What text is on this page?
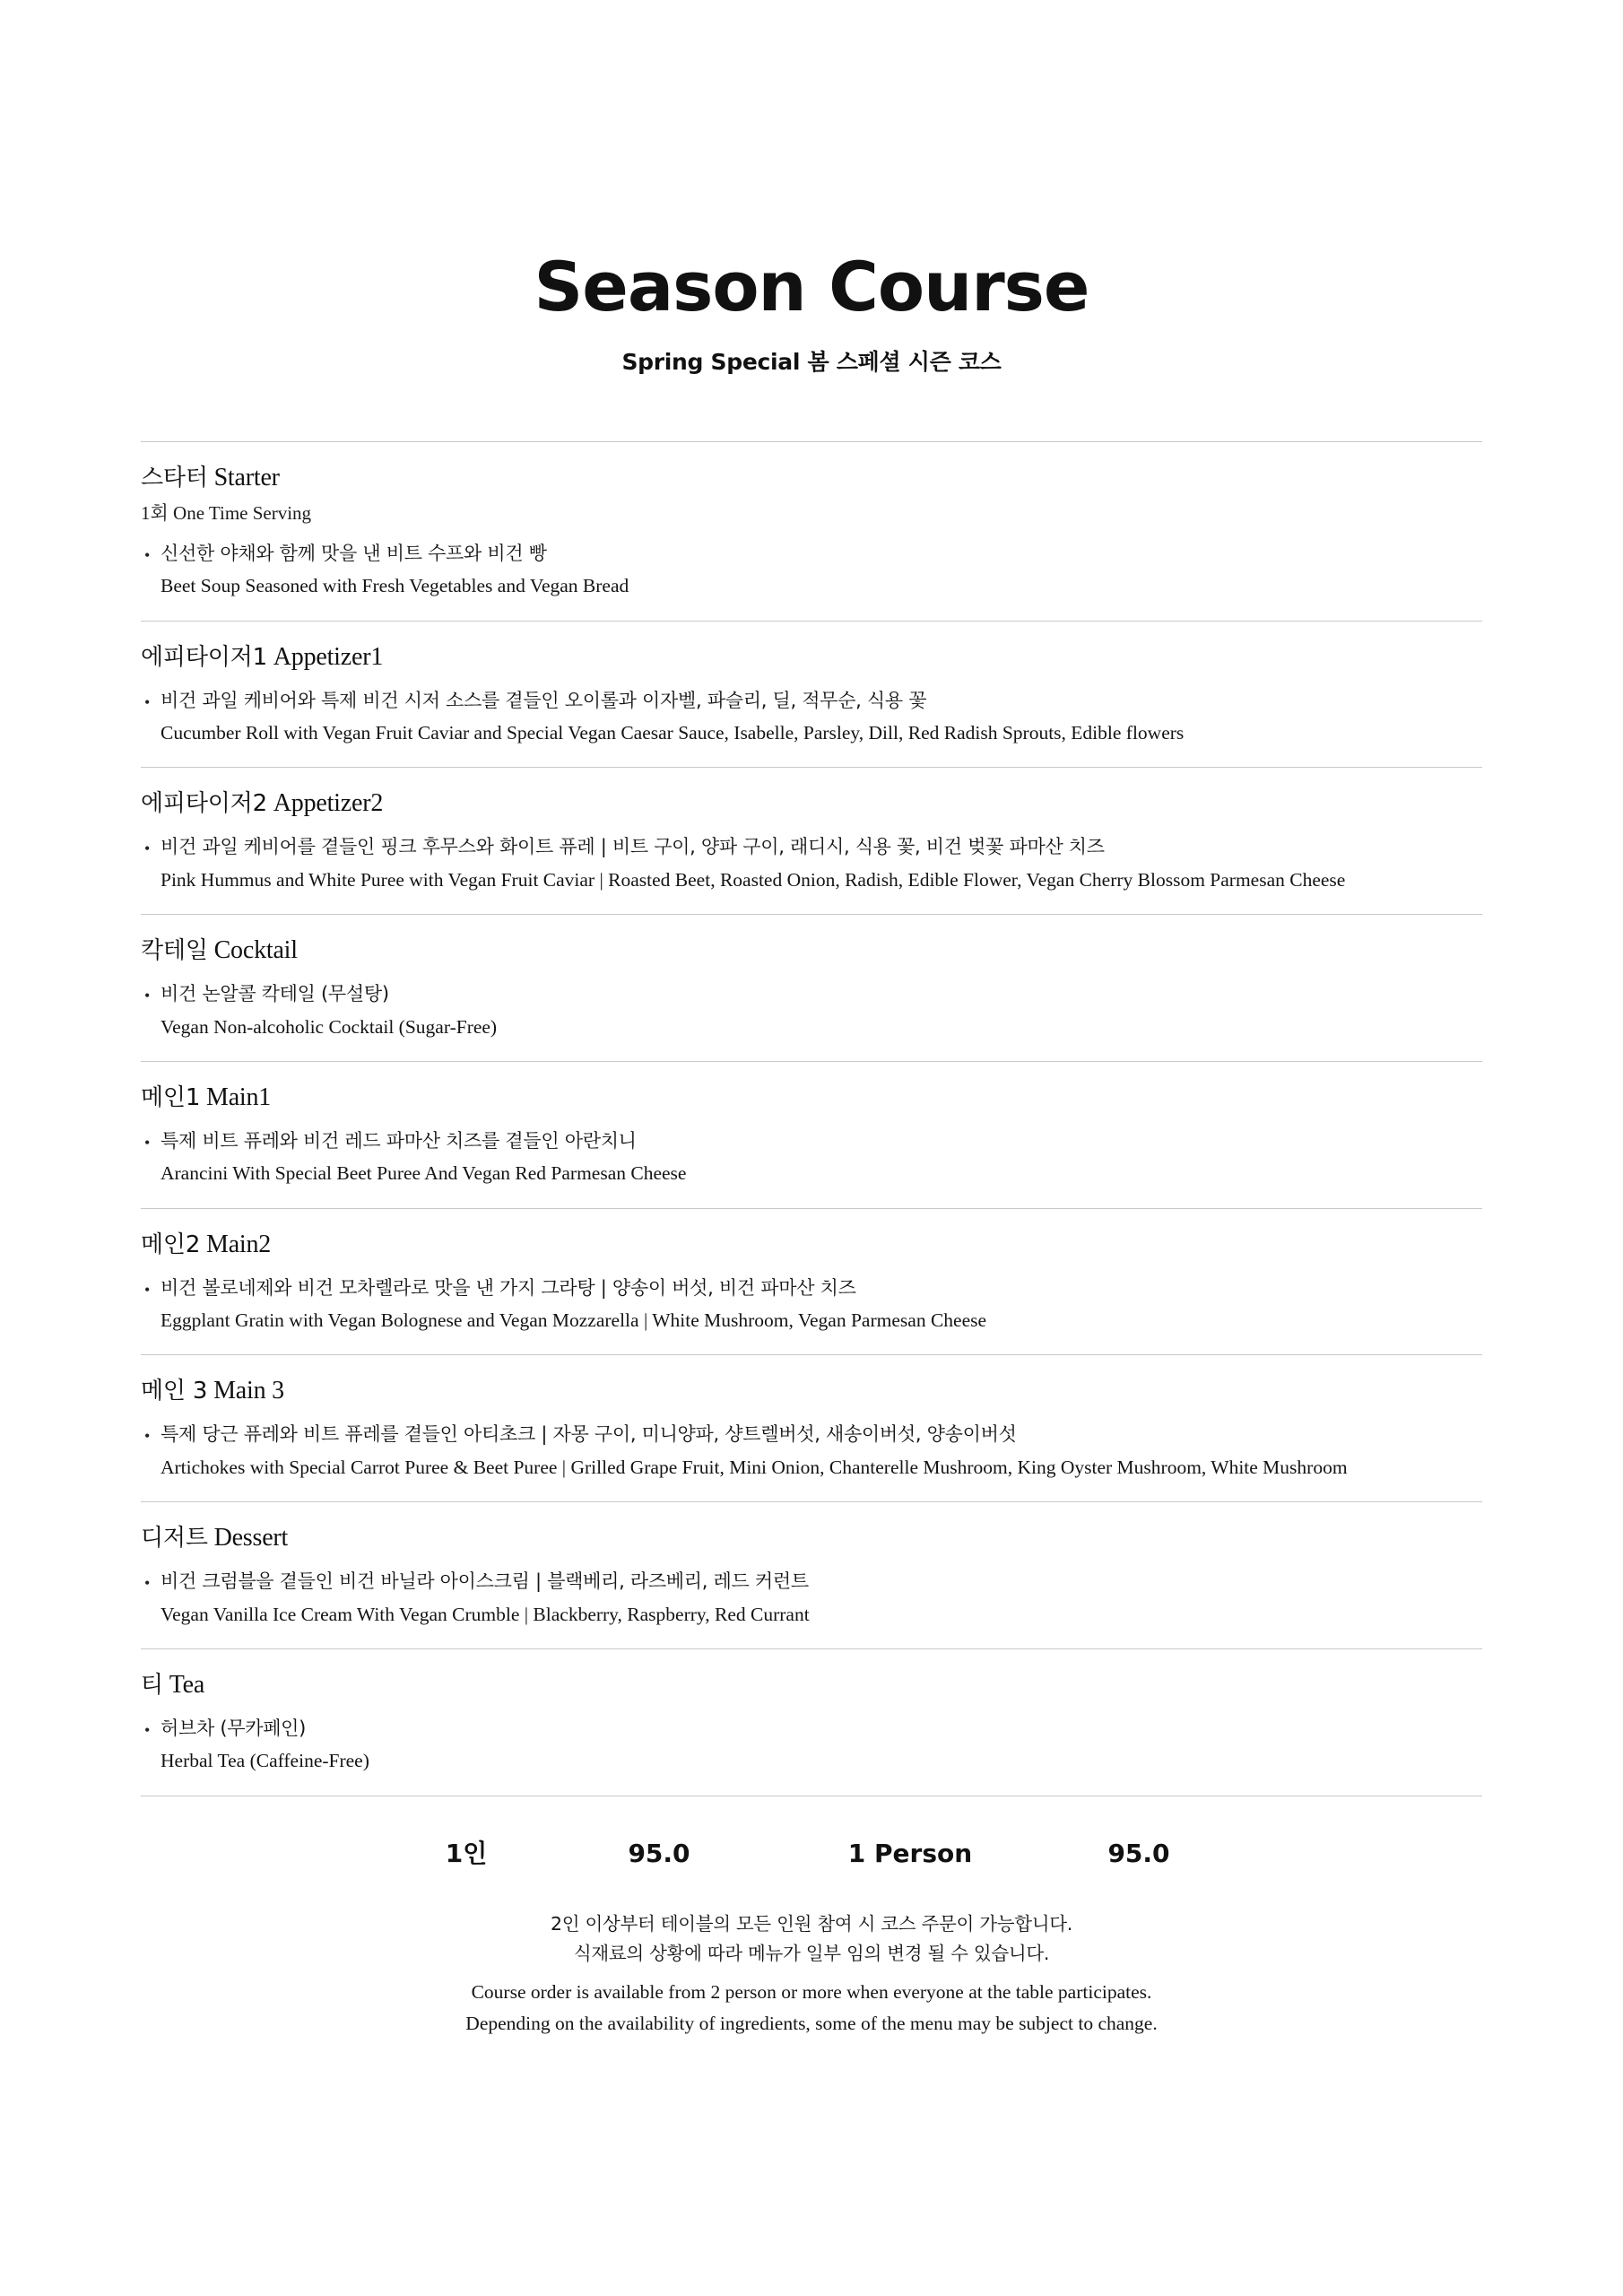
Season Course
Spring Special 봄 스페셜 시즌 코스
스타터 Starter
1회 One Time Serving
• 신선한 야채와 함께 맛을 낸 비트 수프와 비건 빵
Beet Soup Seasoned with Fresh Vegetables and Vegan Bread
에피타이저1 Appetizer1
• 비건 과일 케비어와 특제 비건 시저 소스를 곁들인 오이롤과 이자벨, 파슬리, 딜, 적무순, 식용 꽃
Cucumber Roll with Vegan Fruit Caviar and Special Vegan Caesar Sauce, Isabelle, Parsley, Dill, Red Radish Sprouts, Edible flowers
에피타이저2 Appetizer2
• 비건 과일 케비어를 곁들인 핑크 후무스와 화이트 퓨레 | 비트 구이, 양파 구이, 래디시, 식용 꽃, 비건 벚꽃 파마산 치즈
Pink Hummus and White Puree with Vegan Fruit Caviar | Roasted Beet, Roasted Onion, Radish, Edible Flower, Vegan Cherry Blossom Parmesan Cheese
칵테일 Cocktail
• 비건 논알콜 칵테일 (무설탕)
Vegan Non-alcoholic Cocktail (Sugar-Free)
메인1 Main1
• 특제 비트 퓨레와 비건 레드 파마산 치즈를 곁들인 아란치니
Arancini With Special Beet Puree And Vegan Red Parmesan Cheese
메인2 Main2
• 비건 볼로네제와 비건 모차렐라로 맛을 낸 가지 그라탕 | 양송이 버섯, 비건 파마산 치즈
Eggplant Gratin with Vegan Bolognese and Vegan Mozzarella | White Mushroom, Vegan Parmesan Cheese
메인 3 Main 3
• 특제 당근 퓨레와 비트 퓨레를 곁들인 아티초크 | 자몽 구이, 미니양파, 샹트렐버섯, 새송이버섯, 양송이버섯
Artichokes with Special Carrot Puree & Beet Puree | Grilled Grape Fruit, Mini Onion, Chanterelle Mushroom, King Oyster Mushroom, White Mushroom
디저트 Dessert
• 비건 크럼블을 곁들인 비건 바닐라 아이스크림 | 블랙베리, 라즈베리, 레드 커런트
Vegan Vanilla Ice Cream With Vegan Crumble | Blackberry, Raspberry, Red Currant
티 Tea
• 허브차 (무카페인)
Herbal Tea (Caffeine-Free)
1인	95.0	1 Person	95.0
2인 이상부터 테이블의 모든 인원 참여 시 코스 주문이 가능합니다.
식재료의 상황에 따라 메뉴가 일부 임의 변경 될 수 있습니다.
Course order is available from 2 person or more when everyone at the table participates.
Depending on the availability of ingredients, some of the menu may be subject to change.
